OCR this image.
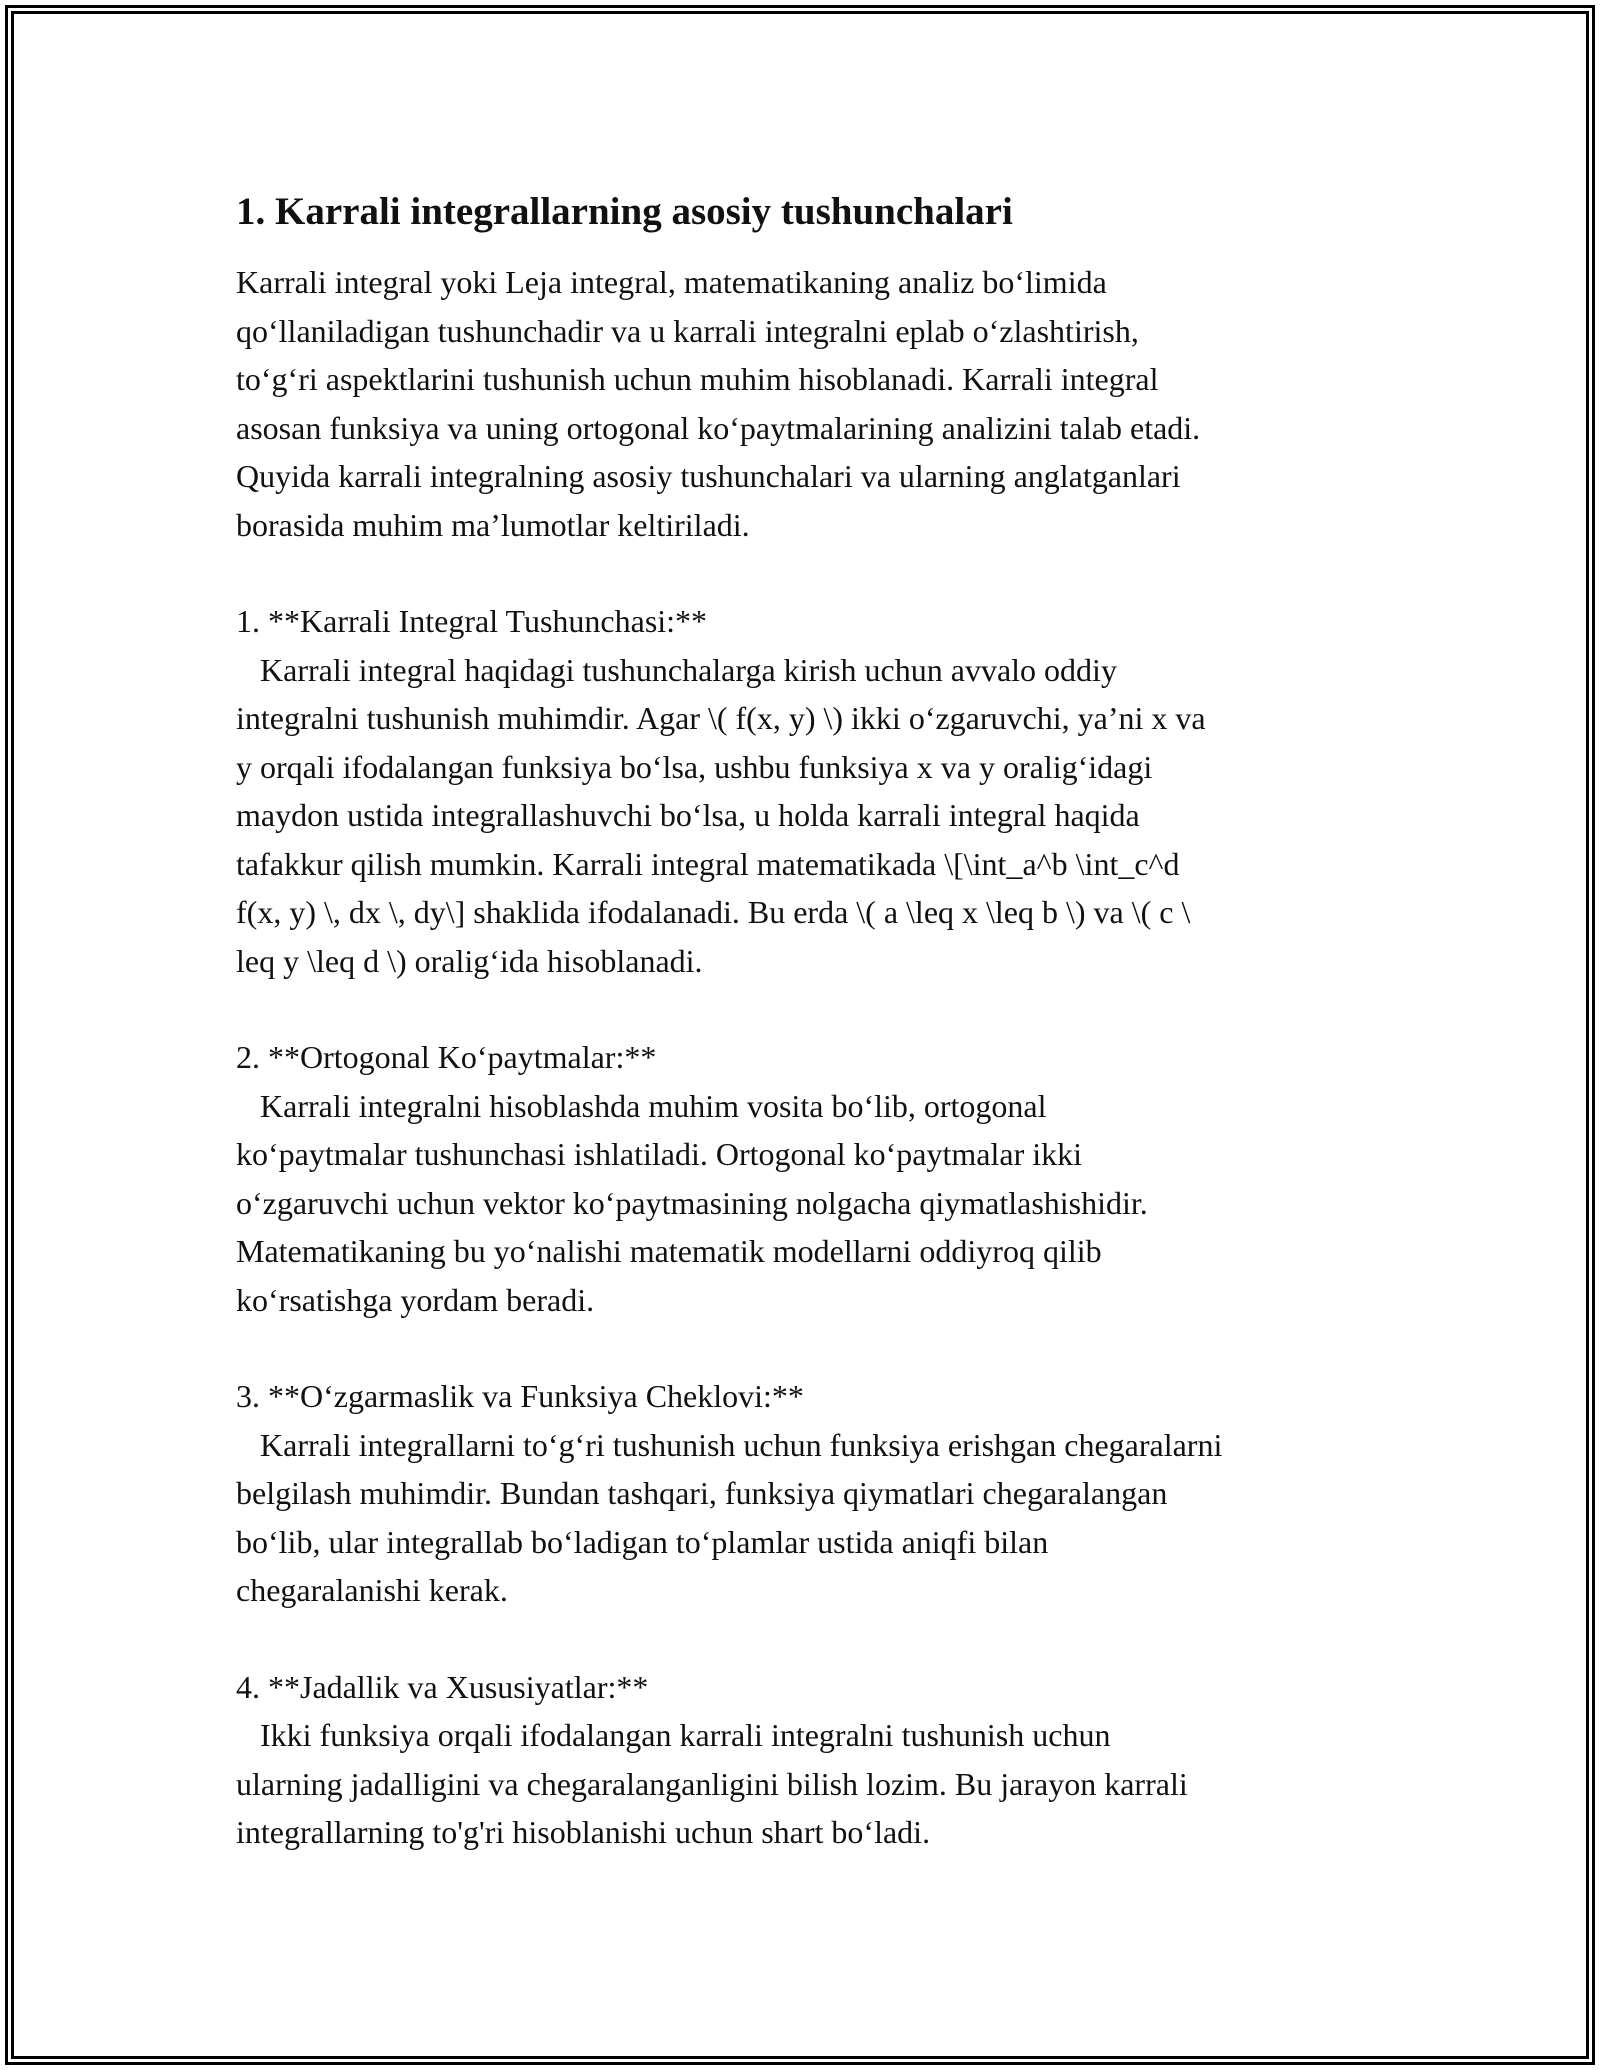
1. Karrali integrallarning asosiy tushunchalari

Karrali integral yoki Leja integral, matematikaning analiz bo‘limida
qo‘llaniladigan tushunchadir va u karrali integralni eplab o‘zlashtirish,
to‘g‘ri aspektlarini tushunish uchun muhim hisoblanadi. Karrali integral
asosan funksiya va uning ortogonal ko‘paytmalarining analizini talab etadi.
Quyida karrali integralning asosiy tushunchalari va ularning anglatganlari
borasida muhim ma’lumotlar keltiriladi.

1. **Karrali Integral Tushunchasi:**

Karrali integral haqidagi tushunchalarga kirish uchun avvalo oddiy
integralni tushunish muhimdir. Agar \( f(x, y) \) ikki o‘zgaruvchi, ya’ni x va
y orqali ifodalangan funksiya bo‘lsa, ushbu funksiya x va y oralig‘idagi
maydon ustida integrallashuvchi bo‘lsa, u holda karrali integral haqida
tafakkur qilish mumkin. Karrali integral matematikada \[\int_a^b \int_c^d
f(x, y) \, dx \, dy\] shaklida ifodalanadi. Bu erda \( a \leq x \leq b \) va \( c \
leq y \leq d \) oralig‘ida hisoblanadi.

2. **Ortogonal Ko‘paytmalar:**

Karrali integralni hisoblashda muhim vosita bo‘lib, ortogonal
ko‘paytmalar tushunchasi ishlatiladi. Ortogonal ko‘paytmalar ikki
o‘zgaruvchi uchun vektor ko‘paytmasining nolgacha qiymatlashishidir.
Matematikaning bu yo‘nalishi matematik modellarni oddiyroq qilib
ko‘rsatishga yordam beradi.

3. **O‘zgarmaslik va Funksiya Cheklovi:**

Karrali integrallarni to‘g‘ri tushunish uchun funksiya erishgan chegaralarni
belgilash muhimdir. Bundan tashqari, funksiya qiymatlari chegaralangan
bo‘lib, ular integrallab bo‘ladigan to‘plamlar ustida aniqfi bilan
chegaralanishi kerak.

4. **Jadallik va Xususiyatlar:**

Ikki funksiya orqali ifodalangan karrali integralni tushunish uchun
ularning jadalligini va chegaralanganligini bilish lozim. Bu jarayon karrali
integrallarning to'g'ri hisoblanishi uchun shart bo‘ladi.
